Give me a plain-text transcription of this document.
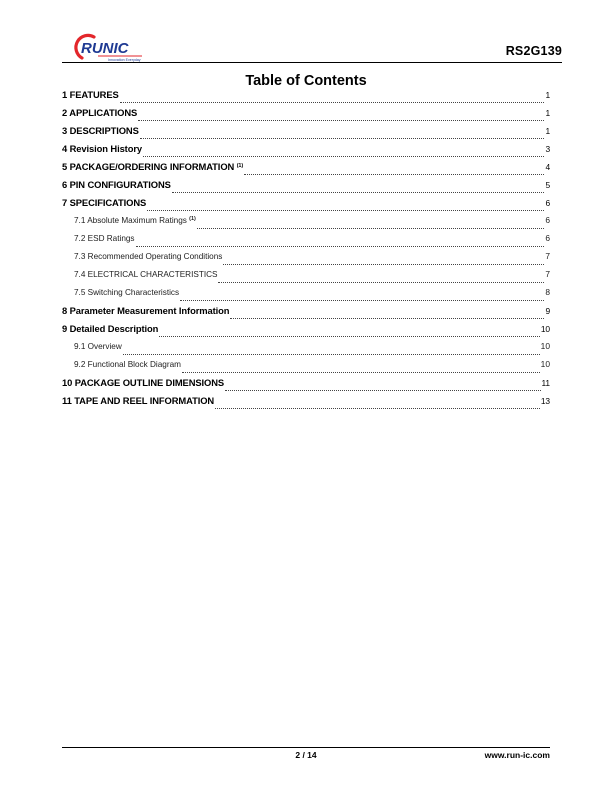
RUNIC
Innovation Everyday
RS2G139
Table of Contents
1 FEATURES	1
2 APPLICATIONS	1
3 DESCRIPTIONS	1
4 Revision History	3
5 PACKAGE/ORDERING INFORMATION $^{(1)}$	4
6 PIN CONFIGURATIONS	5
7 SPECIFICATIONS	6
7.1 Absolute Maximum Ratings $^{(1)}$	6
7.2 ESD Ratings	6
7.3 Recommended Operating Conditions	7
7.4 ELECTRICAL CHARACTERISTICS	7
7.5 Switching Characteristics	8
8 Parameter Measurement Information	9
9 Detailed Description	10
9.1 Overview	10
9.2 Functional Block Diagram	10
10 PACKAGE OUTLINE DIMENSIONS	11
11 TAPE AND REEL INFORMATION	13
2 / 14	www.run-ic.com
